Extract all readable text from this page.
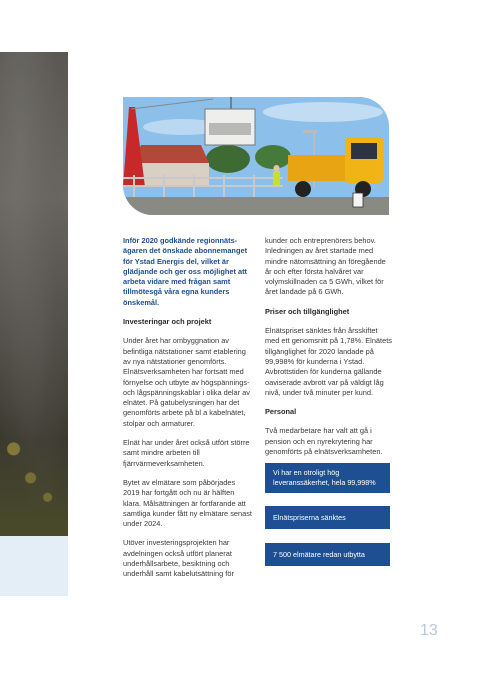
Inför 2020 godkände regionnätsägaren det önskade abonnemanget för Ystad Energis del, vilket är glädjande och ger oss möjlighet att arbeta vidare med frågan samt tillmötesgå våra egna kunders önskemål.

Investeringar och projekt

Under året har ombyggnation av befintliga nätstationer samt etablering av nya nätstationer genomförts. Elnätsverksamheten har fortsatt med förnyelse och utbyte av högspännings- och lågspänningskablar i olika delar av elnätet. På gatubelysningen har det genomförts arbete på bl a kabelnätet, stolpar och armaturer.

Elnät har under året också utfört större samt mindre arbeten till fjärrvärmeverksamheten.

Bytet av elmätare som påbörjades 2019 har fortgått och nu är hälften klara. Målsättningen är fortfarande att samtliga kunder fått ny elmätare senast under 2024.

Utöver investeringsprojekten har avdelningen också utfört planerat underhållsarbete, besiktning och underhåll samt kabelutsättning för

kunder och entreprenörers behov. Inledningen av året startade med mindre nätomsättning än föregående år och efter första halvåret var volymskillnaden ca 5 GWh, vilket för året landade på 6 GWh.

Priser och tillgänglighet

Elnätspriset sänktes från årsskiftet med ett genomsnitt på 1,78%. Elnätets tillgänglighet för 2020 landade på 99,998% för kunderna i Ystad. Avbrottstiden för kunderna gällande oaviserade avbrott var på väldigt låg nivå, under två minuter per kund.

Personal

Två medarbetare har valt att gå i pension och en nyrekrytering har genomförts på elnätsverksamheten.

Vi har en otroligt hög leveranssäkerhet, hela 99,998%
Elnätspriserna sänktes
7 500 elmätare redan utbytta
13
